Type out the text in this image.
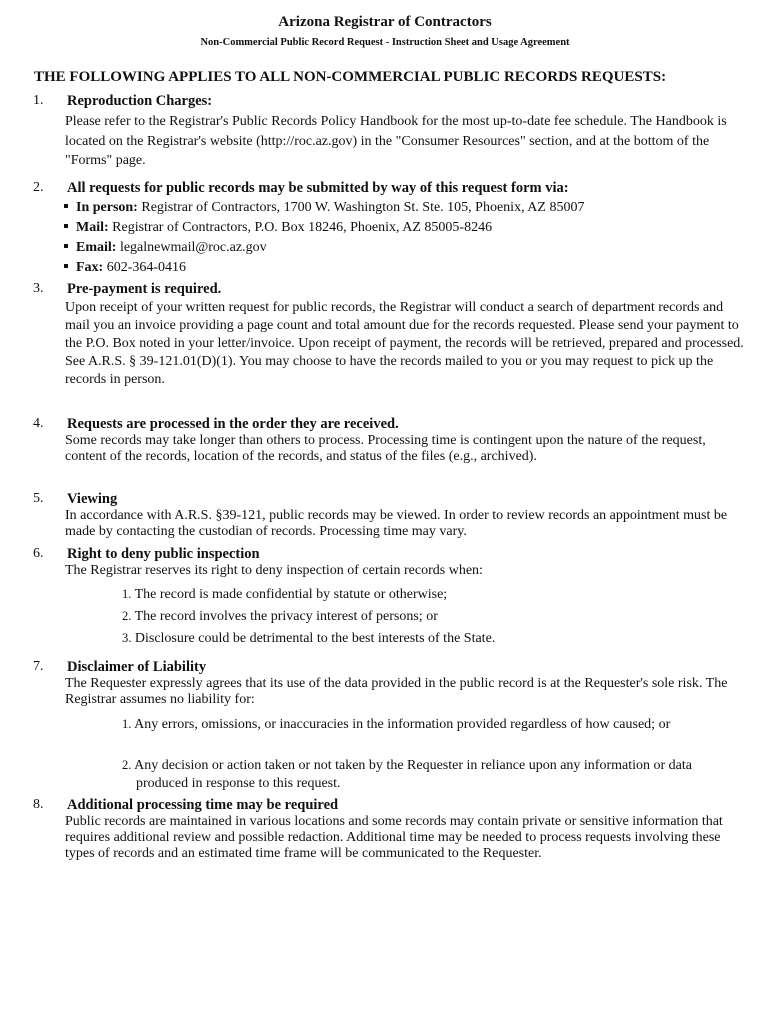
Arizona Registrar of Contractors
Non-Commercial Public Record Request - Instruction Sheet and Usage Agreement
THE FOLLOWING APPLIES TO ALL NON-COMMERCIAL PUBLIC RECORDS REQUESTS:
1. Reproduction Charges:
Please refer to the Registrar's Public Records Policy Handbook for the most up-to-date fee schedule. The Handbook is located on the Registrar's website (http://roc.az.gov) in the "Consumer Resources" section, and at the bottom of the "Forms" page.
2. All requests for public records may be submitted by way of this request form via:
In person: Registrar of Contractors, 1700 W. Washington St. Ste. 105, Phoenix, AZ 85007
Mail: Registrar of Contractors, P.O. Box 18246, Phoenix, AZ 85005-8246
Email: legalnewmail@roc.az.gov
Fax: 602-364-0416
3. Pre-payment is required.
Upon receipt of your written request for public records, the Registrar will conduct a search of department records and mail you an invoice providing a page count and total amount due for the records requested. Please send your payment to the P.O. Box noted in your letter/invoice. Upon receipt of payment, the records will be retrieved, prepared and processed. See A.R.S. § 39-121.01(D)(1). You may choose to have the records mailed to you or you may request to pick up the records in person.
4. Requests are processed in the order they are received.
Some records may take longer than others to process. Processing time is contingent upon the nature of the request, content of the records, location of the records, and status of the files (e.g., archived).
5. Viewing
In accordance with A.R.S. §39-121, public records may be viewed. In order to review records an appointment must be made by contacting the custodian of records. Processing time may vary.
6. Right to deny public inspection
The Registrar reserves its right to deny inspection of certain records when:
1. The record is made confidential by statute or otherwise;
2. The record involves the privacy interest of persons; or
3. Disclosure could be detrimental to the best interests of the State.
7. Disclaimer of Liability
The Requester expressly agrees that its use of the data provided in the public record is at the Requester's sole risk. The Registrar assumes no liability for:
1. Any errors, omissions, or inaccuracies in the information provided regardless of how caused; or
2. Any decision or action taken or not taken by the Requester in reliance upon any information or data produced in response to this request.
8. Additional processing time may be required
Public records are maintained in various locations and some records may contain private or sensitive information that requires additional review and possible redaction. Additional time may be needed to process requests involving these types of records and an estimated time frame will be communicated to the Requester.
